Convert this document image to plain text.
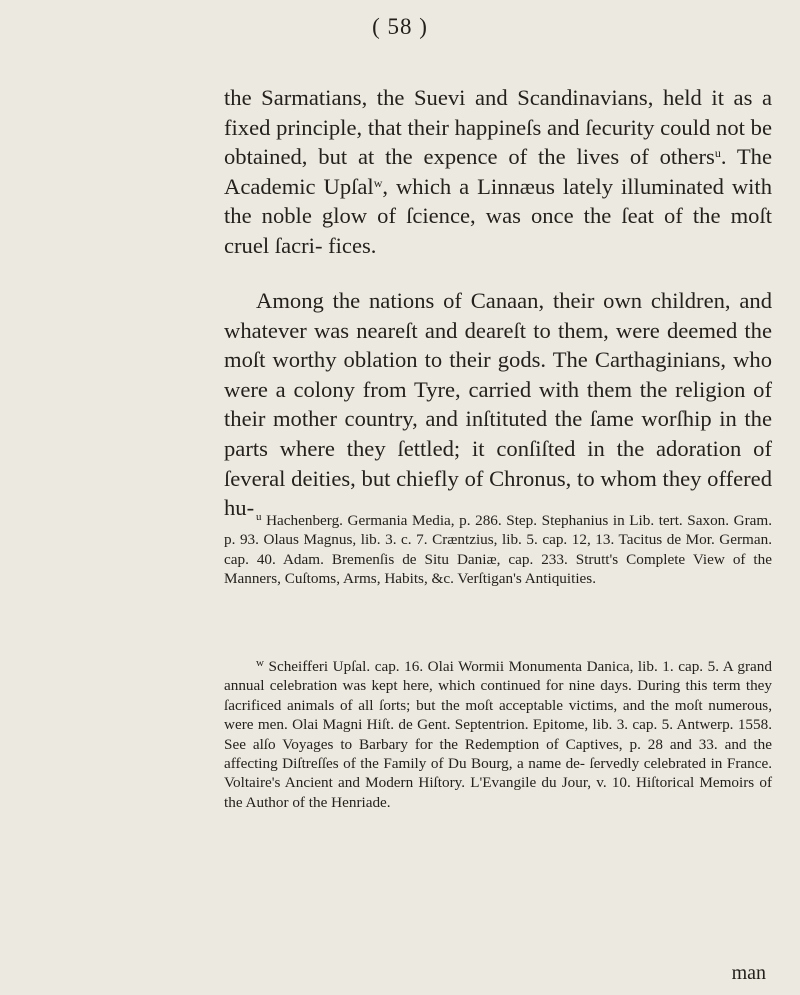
( 58 )
the Sarmatians, the Suevi and Scandinavians, held it as a fixed principle, that their happineſs and ſecurity could not be obtained, but at the expence of the lives of others$^u$. The Academic Upſal$^w$, which a Linnæus lately illuminated with the noble glow of ſcience, was once the ſeat of the moſt cruel ſacri- fices.
Among the nations of Canaan, their own children, and whatever was neareſt and deareſt to them, were deemed the moſt worthy oblation to their gods. The Carthaginians, who were a colony from Tyre, carried with them the religion of their mother country, and inſtituted the ſame worſhip in the parts where they ſettled; it conſiſted in the adoration of ſeveral deities, but chiefly of Chronus, to whom they offered hu- $^u$ Hachenberg. Germania Media, p. 286. Step. Stephanius in Lib. tert. Saxon. Gram. p. 93. Olaus Magnus, lib. 3. c. 7. Cræntzius, lib. 5. cap. 12, 13. Tacitus de Mor. German. cap. 40. Adam. Bremenſis de Situ Daniæ, cap. 233. Strutt's Complete View of the Manners, Cuſtoms, Arms, Habits, &c. Verſtigan's Antiquities.
$^w$ Scheifferi Upſal. cap. 16. Olai Wormii Monumenta Danica, lib. 1. cap. 5. A grand annual celebration was kept here, which continued for nine days. During this term they ſacrificed animals of all ſorts; but the moſt acceptable victims, and the moſt numerous, were men. Olai Magni Hiſt. de Gent. Septentrion. Epitome, lib. 3. cap. 5. Antwerp. 1558. See alſo Voyages to Barbary for the Redemption of Captives, p. 28 and 33. and the affecting Diſtreſſes of the Family of Du Bourg, a name de- ſervedly celebrated in France. Voltaire's Ancient and Modern Hiſtory. L'Evangile du Jour, v. 10. Hiſtorical Memoirs of the Author of the Henriade.
man
